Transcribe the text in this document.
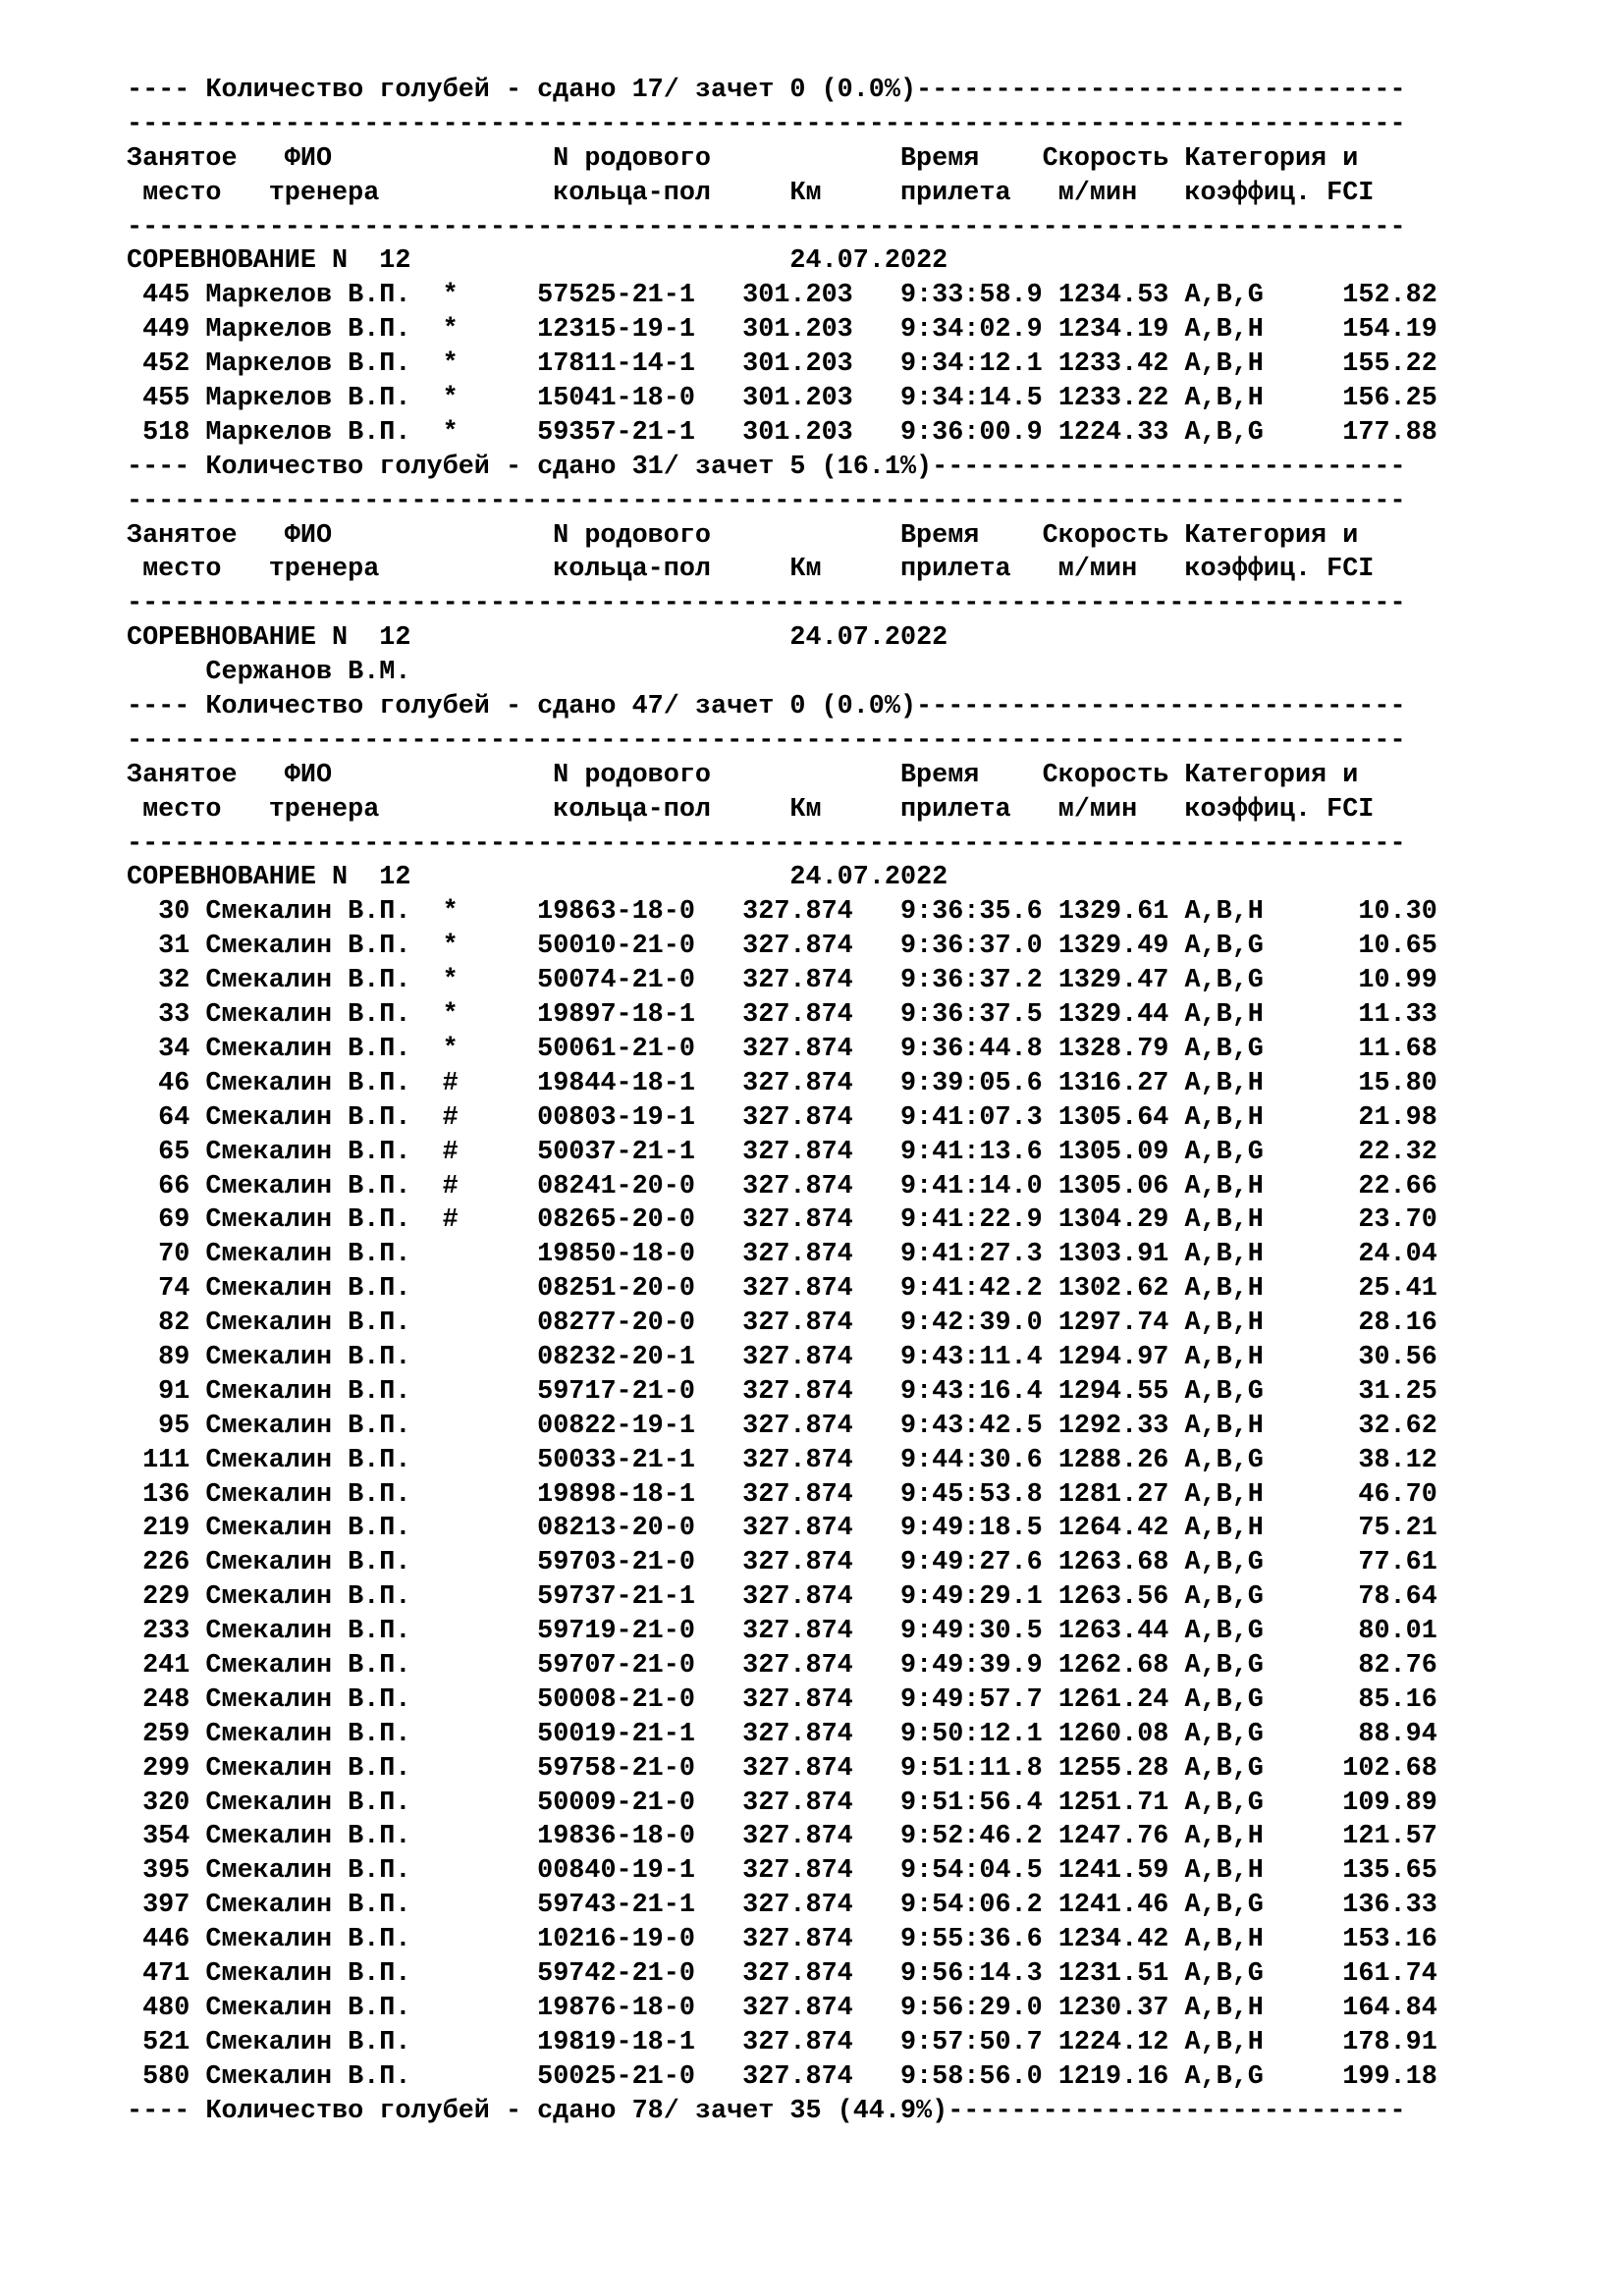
---- Количество голубей - сдано 17/ зачет 0 (0.0%)-------------------------------
---------------------------------------------------------------------------------
Занятое   ФИО              N родового            Время    Скорость Категория и
место   тренера           кольца-пол     Км     прилета   м/мин   коэффиц. FCI
---------------------------------------------------------------------------------
СОРЕВНОВАНИЕ N  12	24.07.2022
445 Маркелов В.П.  *     57525-21-1   301.203   9:33:58.9 1234.53 A,B,G     152.82
449 Маркелов В.П.  *     12315-19-1   301.203   9:34:02.9 1234.19 A,B,H     154.19
452 Маркелов В.П.  *     17811-14-1   301.203   9:34:12.1 1233.42 A,B,H     155.22
455 Маркелов В.П.  *     15041-18-0   301.203   9:34:14.5 1233.22 A,B,H     156.25
518 Маркелов В.П.  *     59357-21-1   301.203   9:36:00.9 1224.33 A,B,G     177.88
---- Количество голубей - сдано 31/ зачет 5 (16.1%)------------------------------
---------------------------------------------------------------------------------
Занятое   ФИО              N родового            Время    Скорость Категория и
место   тренера           кольца-пол     Км     прилета   м/мин   коэффиц. FCI
---------------------------------------------------------------------------------
СОРЕВНОВАНИЕ N  12	24.07.2022
Сержанов В.М.
---- Количество голубей - сдано 47/ зачет 0 (0.0%)-------------------------------
---------------------------------------------------------------------------------
Занятое   ФИО              N родового            Время    Скорость Категория и
место   тренера           кольца-пол     Км     прилета   м/мин   коэффиц. FCI
---------------------------------------------------------------------------------
СОРЕВНОВАНИЕ N  12	24.07.2022
30 Смекалин В.П.  *     19863-18-0   327.874   9:36:35.6 1329.61 A,B,H      10.30
31 Смекалин В.П.  *     50010-21-0   327.874   9:36:37.0 1329.49 A,B,G      10.65
32 Смекалин В.П.  *     50074-21-0   327.874   9:36:37.2 1329.47 A,B,G      10.99
33 Смекалин В.П.  *     19897-18-1   327.874   9:36:37.5 1329.44 A,B,H      11.33
34 Смекалин В.П.  *     50061-21-0   327.874   9:36:44.8 1328.79 A,B,G      11.68
46 Смекалин В.П.  #     19844-18-1   327.874   9:39:05.6 1316.27 A,B,H      15.80
64 Смекалин В.П.  #     00803-19-1   327.874   9:41:07.3 1305.64 A,B,H      21.98
65 Смекалин В.П.  #     50037-21-1   327.874   9:41:13.6 1305.09 A,B,G      22.32
66 Смекалин В.П.  #     08241-20-0   327.874   9:41:14.0 1305.06 A,B,H      22.66
69 Смекалин В.П.  #     08265-20-0   327.874   9:41:22.9 1304.29 A,B,H      23.70
70 Смекалин В.П.        19850-18-0   327.874   9:41:27.3 1303.91 A,B,H      24.04
74 Смекалин В.П.        08251-20-0   327.874   9:41:42.2 1302.62 A,B,H      25.41
82 Смекалин В.П.        08277-20-0   327.874   9:42:39.0 1297.74 A,B,H      28.16
89 Смекалин В.П.        08232-20-1   327.874   9:43:11.4 1294.97 A,B,H      30.56
91 Смекалин В.П.        59717-21-0   327.874   9:43:16.4 1294.55 A,B,G      31.25
95 Смекалин В.П.        00822-19-1   327.874   9:43:42.5 1292.33 A,B,H      32.62
111 Смекалин В.П.        50033-21-1   327.874   9:44:30.6 1288.26 A,B,G      38.12
136 Смекалин В.П.        19898-18-1   327.874   9:45:53.8 1281.27 A,B,H      46.70
219 Смекалин В.П.        08213-20-0   327.874   9:49:18.5 1264.42 A,B,H      75.21
226 Смекалин В.П.        59703-21-0   327.874   9:49:27.6 1263.68 A,B,G      77.61
229 Смекалин В.П.        59737-21-1   327.874   9:49:29.1 1263.56 A,B,G      78.64
233 Смекалин В.П.        59719-21-0   327.874   9:49:30.5 1263.44 A,B,G      80.01
241 Смекалин В.П.        59707-21-0   327.874   9:49:39.9 1262.68 A,B,G      82.76
248 Смекалин В.П.        50008-21-0   327.874   9:49:57.7 1261.24 A,B,G      85.16
259 Смекалин В.П.        50019-21-1   327.874   9:50:12.1 1260.08 A,B,G      88.94
299 Смекалин В.П.        59758-21-0   327.874   9:51:11.8 1255.28 A,B,G     102.68
320 Смекалин В.П.        50009-21-0   327.874   9:51:56.4 1251.71 A,B,G     109.89
354 Смекалин В.П.        19836-18-0   327.874   9:52:46.2 1247.76 A,B,H     121.57
395 Смекалин В.П.        00840-19-1   327.874   9:54:04.5 1241.59 A,B,H     135.65
397 Смекалин В.П.        59743-21-1   327.874   9:54:06.2 1241.46 A,B,G     136.33
446 Смекалин В.П.        10216-19-0   327.874   9:55:36.6 1234.42 A,B,H     153.16
471 Смекалин В.П.        59742-21-0   327.874   9:56:14.3 1231.51 A,B,G     161.74
480 Смекалин В.П.        19876-18-0   327.874   9:56:29.0 1230.37 A,B,H     164.84
521 Смекалин В.П.        19819-18-1   327.874   9:57:50.7 1224.12 A,B,H     178.91
580 Смекалин В.П.        50025-21-0   327.874   9:58:56.0 1219.16 A,B,G     199.18
---- Количество голубей - сдано 78/ зачет 35 (44.9%)-----------------------------
